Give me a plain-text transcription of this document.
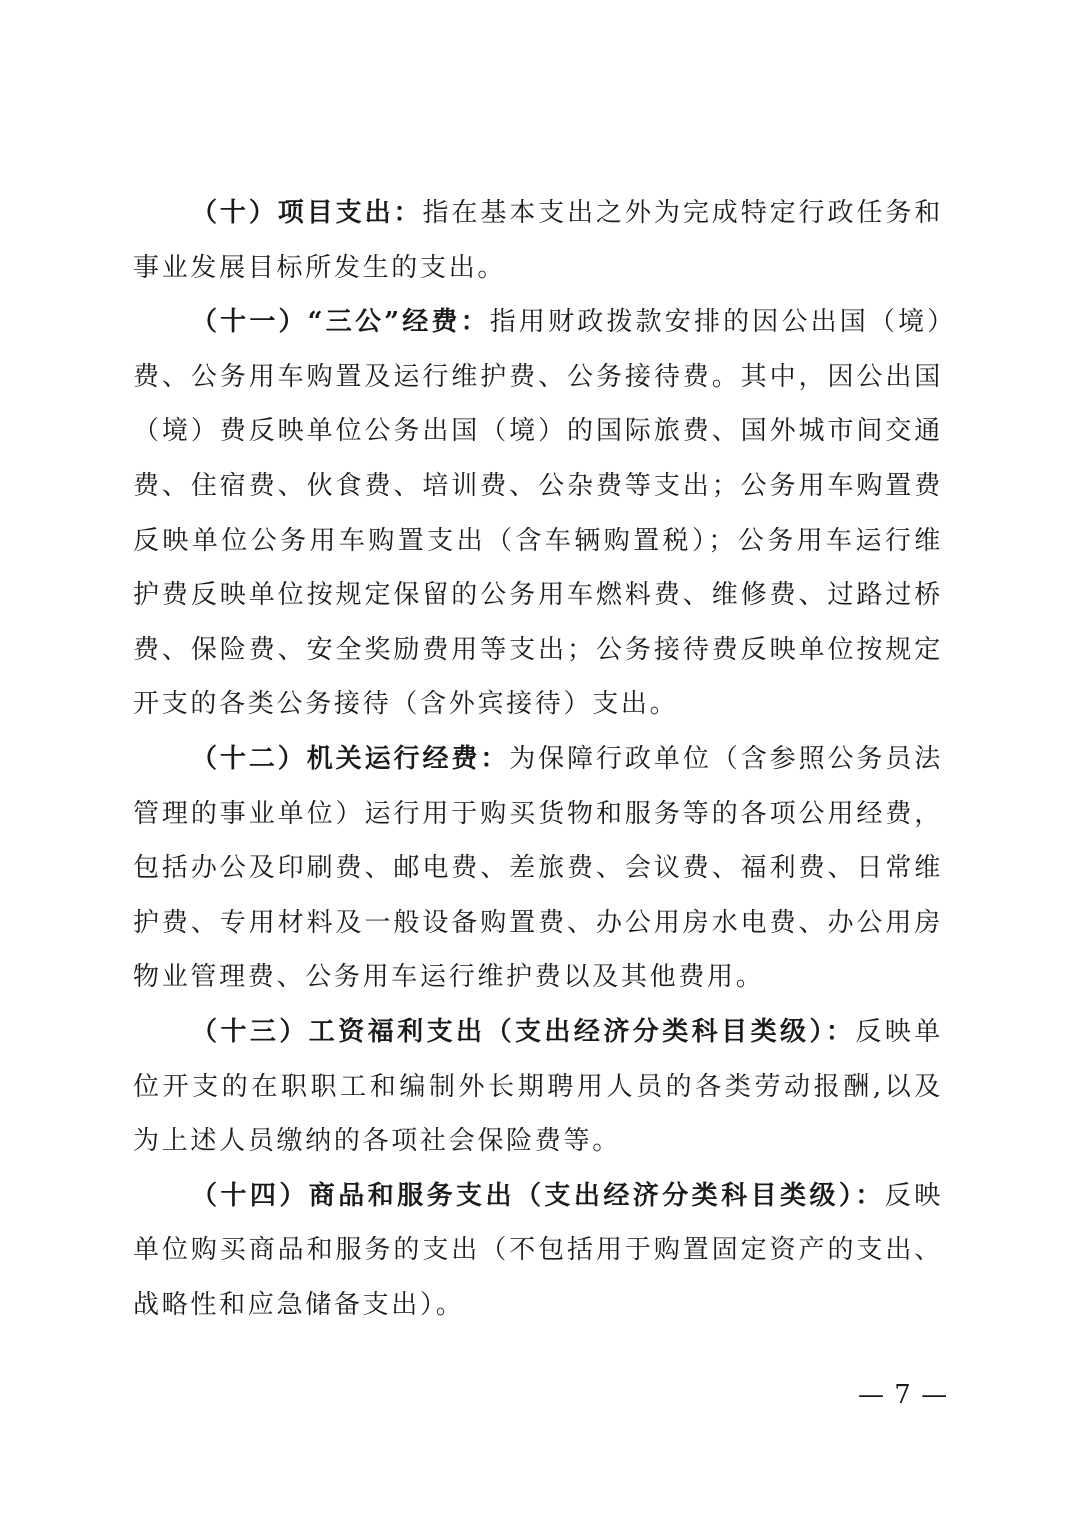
（十）项目支出：指在基本支出之外为完成特定行政任务和事业发展目标所发生的支出。

（十一）“三公”经费：指用财政拨款安排的因公出国（境）费、公务用车购置及运行维护费、公务接待费。其中，因公出国（境）费反映单位公务出国（境）的国际旅费、国外城市间交通费、住宿费、伙食费、培训费、公杂费等支出；公务用车购置费反映单位公务用车购置支出（含车辆购置税）；公务用车运行维护费反映单位按规定保留的公务用车燃料费、维修费、过路过桥费、保险费、安全奖励费用等支出；公务接待费反映单位按规定开支的各类公务接待（含外宾接待）支出。

（十二）机关运行经费：为保障行政单位（含参照公务员法管理的事业单位）运行用于购买货物和服务等的各项公用经费，包括办公及印刷费、邮电费、差旅费、会议费、福利费、日常维护费、专用材料及一般设备购置费、办公用房水电费、办公用房物业管理费、公务用车运行维护费以及其他费用。

（十三）工资福利支出（支出经济分类科目类级）：反映单位开支的在职职工和编制外长期聘用人员的各类劳动报酬,以及为上述人员缴纳的各项社会保险费等。

（十四）商品和服务支出（支出经济分类科目类级）：反映单位购买商品和服务的支出（不包括用于购置固定资产的支出、战略性和应急储备支出）。

— 7 —
